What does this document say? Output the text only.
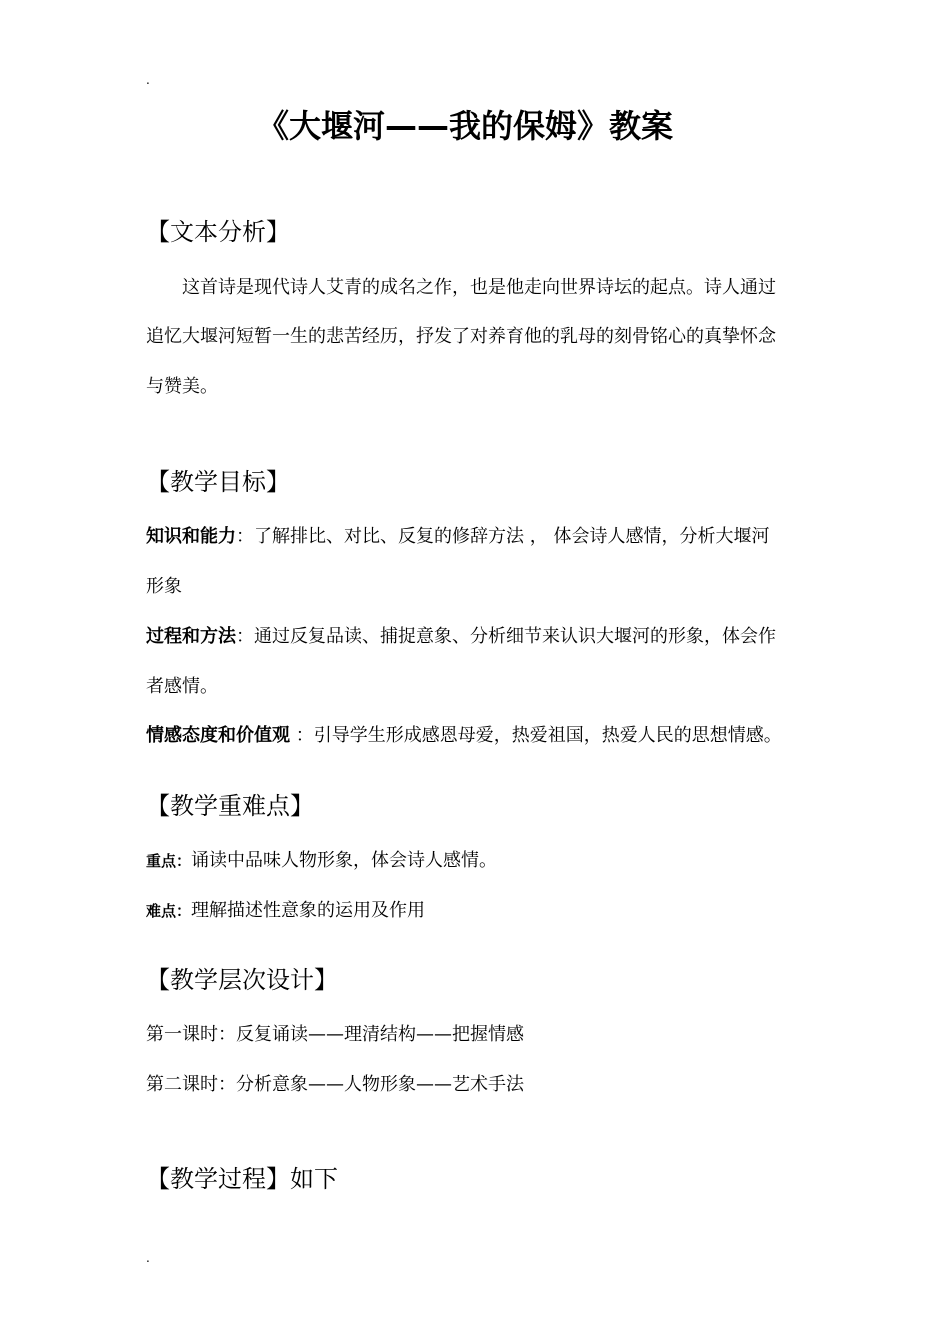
.
《大堰河——我的保姆》教案
【文本分析】
这首诗是现代诗人艾青的成名之作，也是他走向世界诗坛的起点。诗人通过
追忆大堰河短暂一生的悲苦经历，抒发了对养育他的乳母的刻骨铭心的真挚怀念
与赞美。
【教学目标】
知识和能力：了解排比、对比、反复的修辞方法 ， 体会诗人感情，分析大堰河
形象
过程和方法：通过反复品读、捕捉意象、分析细节来认识大堰河的形象，体会作
者感情。
情感态度和价值观 ：引导学生形成感恩母爱，热爱祖国，热爱人民的思想情感。
【教学重难点】
重点：诵读中品味人物形象，体会诗人感情。
难点：理解描述性意象的运用及作用
【教学层次设计】
第一课时：反复诵读——理清结构——把握情感
第二课时：分析意象——人物形象——艺术手法
【教学过程】如下
.
